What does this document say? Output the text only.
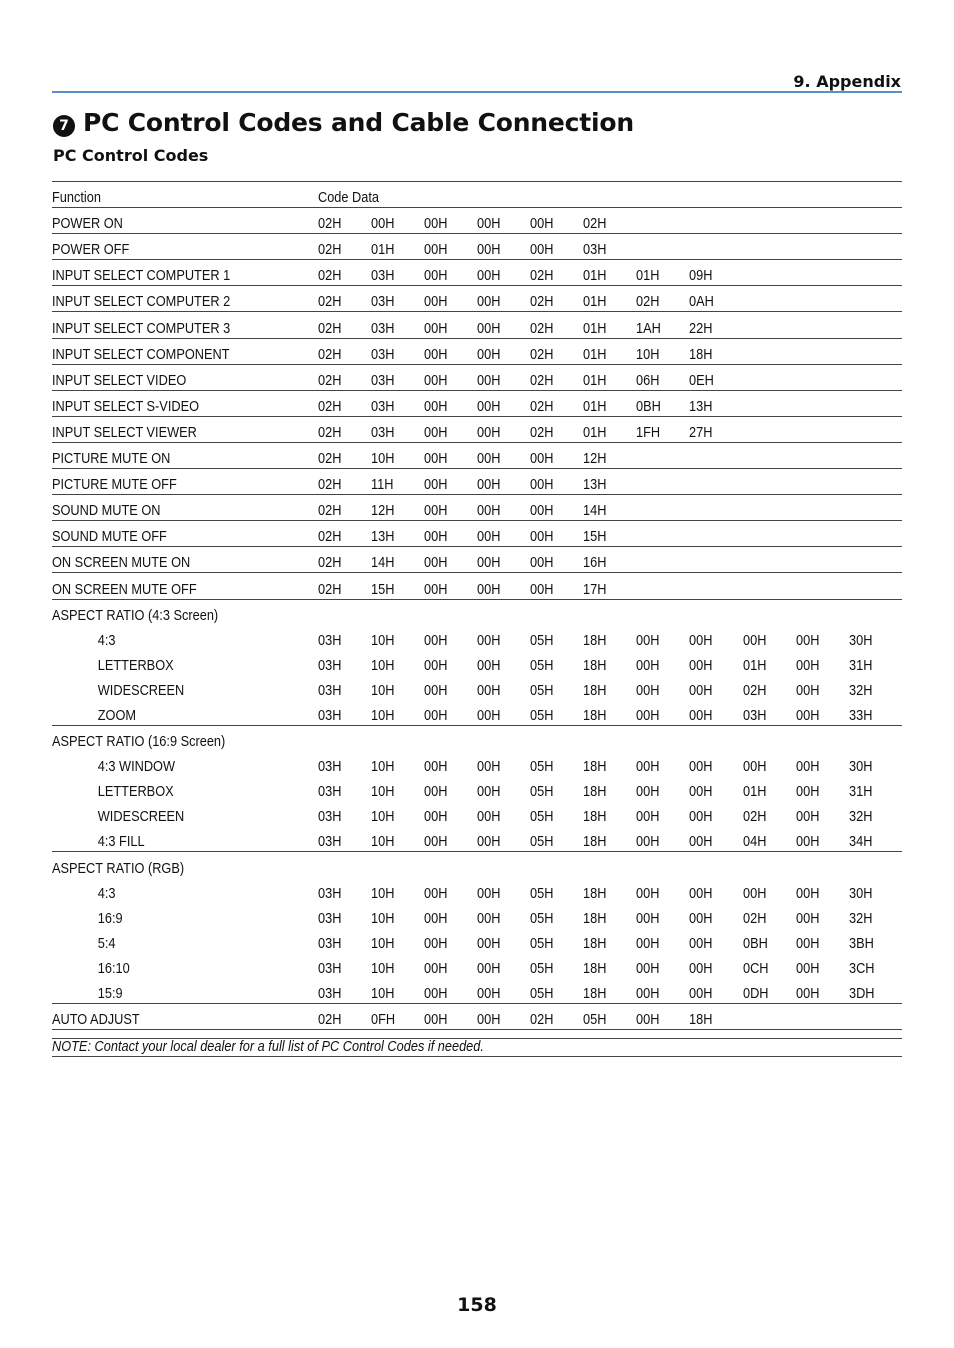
9. Appendix
7 PC Control Codes and Cable Connection
PC Control Codes
Function	Code Data										
POWER ON	02H	00H	00H	00H	00H	02H					
POWER OFF	02H	01H	00H	00H	00H	03H					
INPUT SELECT COMPUTER 1	02H	03H	00H	00H	02H	01H	01H	09H			
INPUT SELECT COMPUTER 2	02H	03H	00H	00H	02H	01H	02H	0AH			
INPUT SELECT COMPUTER 3	02H	03H	00H	00H	02H	01H	1AH	22H			
INPUT SELECT COMPONENT	02H	03H	00H	00H	02H	01H	10H	18H			
INPUT SELECT VIDEO	02H	03H	00H	00H	02H	01H	06H	0EH			
INPUT SELECT S-VIDEO	02H	03H	00H	00H	02H	01H	0BH	13H			
INPUT SELECT VIEWER	02H	03H	00H	00H	02H	01H	1FH	27H			
PICTURE MUTE ON	02H	10H	00H	00H	00H	12H					
PICTURE MUTE OFF	02H	11H	00H	00H	00H	13H					
SOUND MUTE ON	02H	12H	00H	00H	00H	14H					
SOUND MUTE OFF	02H	13H	00H	00H	00H	15H					
ON SCREEN MUTE ON	02H	14H	00H	00H	00H	16H					
ON SCREEN MUTE OFF	02H	15H	00H	00H	00H	17H					
ASPECT RATIO (4:3 Screen)											
4:3	03H	10H	00H	00H	05H	18H	00H	00H	00H	00H	30H
LETTERBOX	03H	10H	00H	00H	05H	18H	00H	00H	01H	00H	31H
WIDESCREEN	03H	10H	00H	00H	05H	18H	00H	00H	02H	00H	32H
ZOOM	03H	10H	00H	00H	05H	18H	00H	00H	03H	00H	33H
ASPECT RATIO (16:9 Screen)											
4:3 WINDOW	03H	10H	00H	00H	05H	18H	00H	00H	00H	00H	30H
LETTERBOX	03H	10H	00H	00H	05H	18H	00H	00H	01H	00H	31H
WIDESCREEN	03H	10H	00H	00H	05H	18H	00H	00H	02H	00H	32H
4:3 FILL	03H	10H	00H	00H	05H	18H	00H	00H	04H	00H	34H
ASPECT RATIO (RGB)											
4:3	03H	10H	00H	00H	05H	18H	00H	00H	00H	00H	30H
16:9	03H	10H	00H	00H	05H	18H	00H	00H	02H	00H	32H
5:4	03H	10H	00H	00H	05H	18H	00H	00H	0BH	00H	3BH
16:10	03H	10H	00H	00H	05H	18H	00H	00H	0CH	00H	3CH
15:9	03H	10H	00H	00H	05H	18H	00H	00H	0DH	00H	3DH
AUTO ADJUST	02H	0FH	00H	00H	02H	05H	00H	18H			
NOTE: Contact your local dealer for a full list of PC Control Codes if needed.
158
